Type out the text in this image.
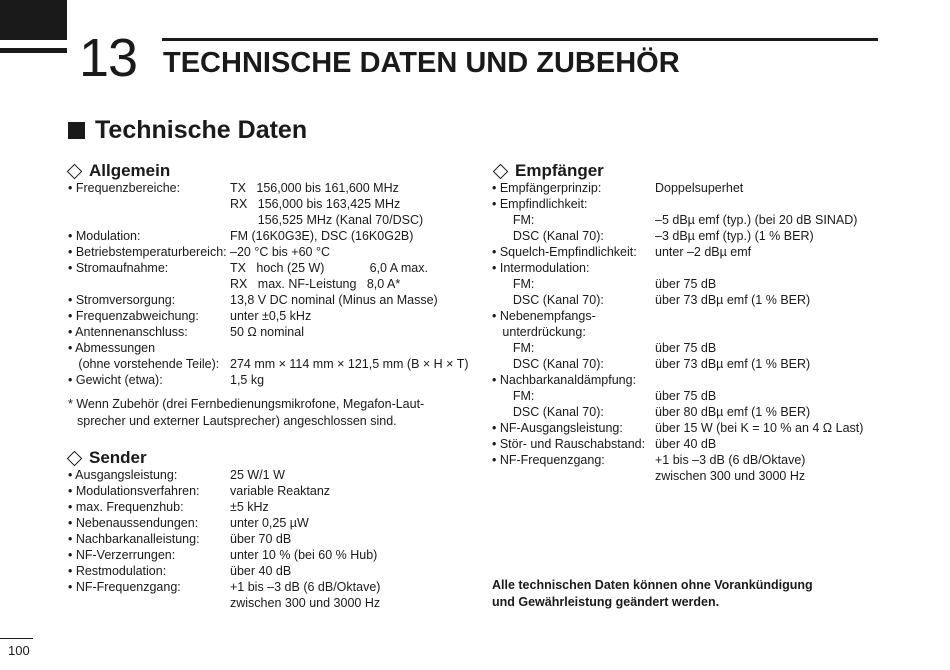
13 TECHNISCHE DATEN UND ZUBEHÖR
Technische Daten
Allgemein
• Frequenzbereiche:	TX   156,000 bis 161,600 MHz
RX   156,000 bis 163,425 MHz
156,525 MHz (Kanal 70/DSC)
• Modulation:	FM (16K0G3E), DSC (16K0G2B)
• Betriebstemperaturbereich: –20 °C bis +60 °C
• Stromaufnahme:	TX   hoch (25 W)             6,0 A max.
RX   max. NF-Leistung   8,0 A*
• Stromversorgung:	13,8 V DC nominal (Minus an Masse)
• Frequenzabweichung: unter ±0,5 kHz
• Antennenanschluss:	50 Ω nominal
• Abmessungen
(ohne vorstehende Teile): 274 mm × 114 mm × 121,5 mm (B × H × T)
• Gewicht (etwa):	1,5 kg
* Wenn Zubehör (drei Fernbedienungsmikrofone, Megafon-Laut-
sprecher und externer Lautsprecher) angeschlossen sind.
Sender
• Ausgangsleistung:	25 W/1 W
• Modulationsverfahren: variable Reaktanz
• max. Frequenzhub:	±5 kHz
• Nebenaussendungen:	unter 0,25 µW
• Nachbarkanalleistung: über 70 dB
• NF-Verzerrungen:	unter 10 % (bei 60 % Hub)
• Restmodulation:	über 40 dB
• NF-Frequenzgang:	+1 bis –3 dB (6 dB/Oktave)
zwischen 300 und 3000 Hz
Empfänger
• Empfängerprinzip:	Doppelsuperhet
• Empfindlichkeit:
FM:	–5 dBµ emf (typ.) (bei 20 dB SINAD)
DSC (Kanal 70):	–3 dBµ emf (typ.) (1 % BER)
• Squelch-Empfindlichkeit: unter –2 dBµ emf
• Intermodulation:
FM:	über 75 dB
DSC (Kanal 70):	über 73 dBµ emf (1 % BER)
• Nebenempfangs-
unterdrückung:
FM:	über 75 dB
DSC (Kanal 70):	über 73 dBµ emf (1 % BER)
• Nachbarkanaldämpfung:
FM:	über 75 dB
DSC (Kanal 70):	über 80 dBµ emf (1 % BER)
• NF-Ausgangsleistung:	über 15 W (bei K = 10 % an 4 Ω Last)
• Stör- und Rauschabstand: über 40 dB
• NF-Frequenzgang:	+1 bis –3 dB (6 dB/Oktave)
zwischen 300 und 3000 Hz
Alle technischen Daten können ohne Vorankündigung
und Gewährleistung geändert werden.
100
